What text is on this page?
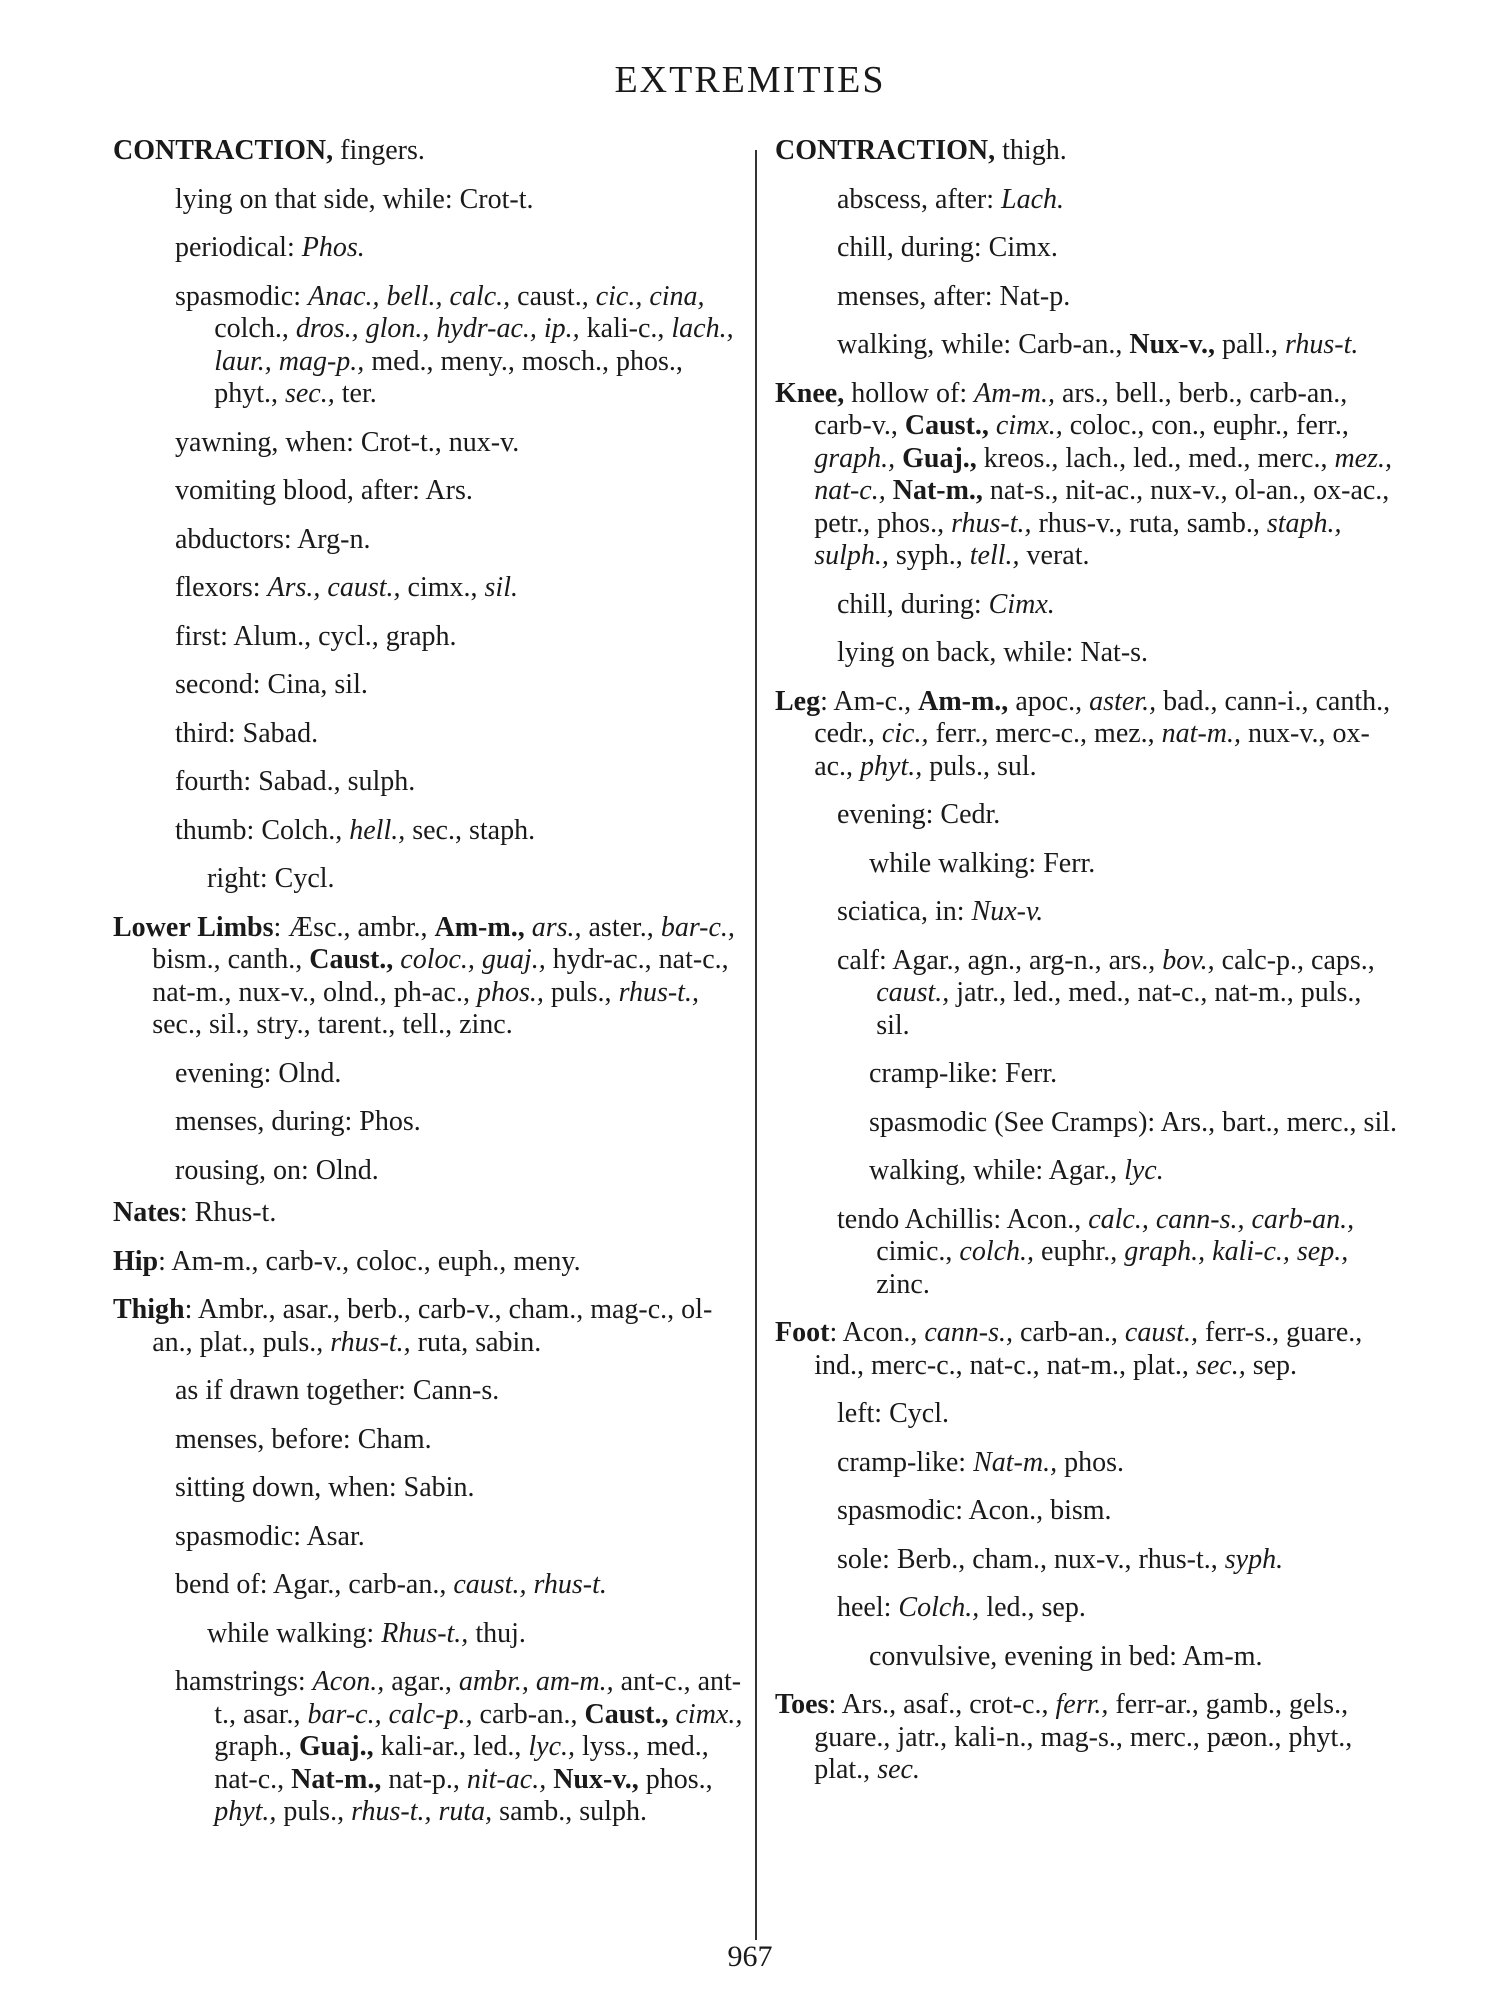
EXTREMITIES

CONTRACTION, fingers.

lying on that side, while: Crot-t.

periodical: Phos.

spasmodic: Anac., bell., calc., caust., cic., cina, colch., dros., glon., hydr-ac., ip., kali-c., lach., laur., mag-p., med., meny., mosch., phos., phyt., sec., ter.

yawning, when: Crot-t., nux-v.

vomiting blood, after: Ars.

abductors: Arg-n.

flexors: Ars., caust., cimx., sil.

first: Alum., cycl., graph.

second: Cina, sil.

third: Sabad.

fourth: Sabad., sulph.

thumb: Colch., hell., sec., staph.

right: Cycl.

Lower Limbs: Æsc., ambr., Am-m., ars., aster., bar-c., bism., canth., Caust., coloc., guaj., hydr-ac., nat-c., nat-m., nux-v., olnd., ph-ac., phos., puls., rhus-t., sec., sil., stry., tarent., tell., zinc.

evening: Olnd.

menses, during: Phos.

rousing, on: Olnd.

Nates: Rhus-t.

Hip: Am-m., carb-v., coloc., euph., meny.

Thigh: Ambr., asar., berb., carb-v., cham., mag-c., ol-an., plat., puls., rhus-t., ruta, sabin.

as if drawn together: Cann-s.

menses, before: Cham.

sitting down, when: Sabin.

spasmodic: Asar.

bend of: Agar., carb-an., caust., rhus-t.

while walking: Rhus-t., thuj.

hamstrings: Acon., agar., ambr., am-m., ant-c., ant-t., asar., bar-c., calc-p., carb-an., Caust., cimx., graph., Guaj., kali-ar., led., lyc., lyss., med., nat-c., Nat-m., nat-p., nit-ac., Nux-v., phos., phyt., puls., rhus-t., ruta, samb., sulph.

CONTRACTION, thigh.

abscess, after: Lach.

chill, during: Cimx.

menses, after: Nat-p.

walking, while: Carb-an., Nux-v., pall., rhus-t.

Knee, hollow of: Am-m., ars., bell., berb., carb-an., carb-v., Caust., cimx., coloc., con., euphr., ferr., graph., Guaj., kreos., lach., led., med., merc., mez., nat-c., Nat-m., nat-s., nit-ac., nux-v., ol-an., ox-ac., petr., phos., rhus-t., rhus-v., ruta, samb., staph., sulph., syph., tell., verat.

chill, during: Cimx.

lying on back, while: Nat-s.

Leg: Am-c., Am-m., apoc., aster., bad., cann-i., canth., cedr., cic., ferr., merc-c., mez., nat-m., nux-v., ox-ac., phyt., puls., sul.

evening: Cedr.

while walking: Ferr.

sciatica, in: Nux-v.

calf: Agar., agn., arg-n., ars., bov., calc-p., caps., caust., jatr., led., med., nat-c., nat-m., puls., sil.

cramp-like: Ferr.

spasmodic (See Cramps): Ars., bart., merc., sil.

walking, while: Agar., lyc.

tendo Achillis: Acon., calc., cann-s., carb-an., cimic., colch., euphr., graph., kali-c., sep., zinc.

Foot: Acon., cann-s., carb-an., caust., ferr-s., guare., ind., merc-c., nat-c., nat-m., plat., sec., sep.

left: Cycl.

cramp-like: Nat-m., phos.

spasmodic: Acon., bism.

sole: Berb., cham., nux-v., rhus-t., syph.

heel: Colch., led., sep.

convulsive, evening in bed: Am-m.

Toes: Ars., asaf., crot-c., ferr., ferr-ar., gamb., gels., guare., jatr., kali-n., mag-s., merc., pæon., phyt., plat., sec.

967
